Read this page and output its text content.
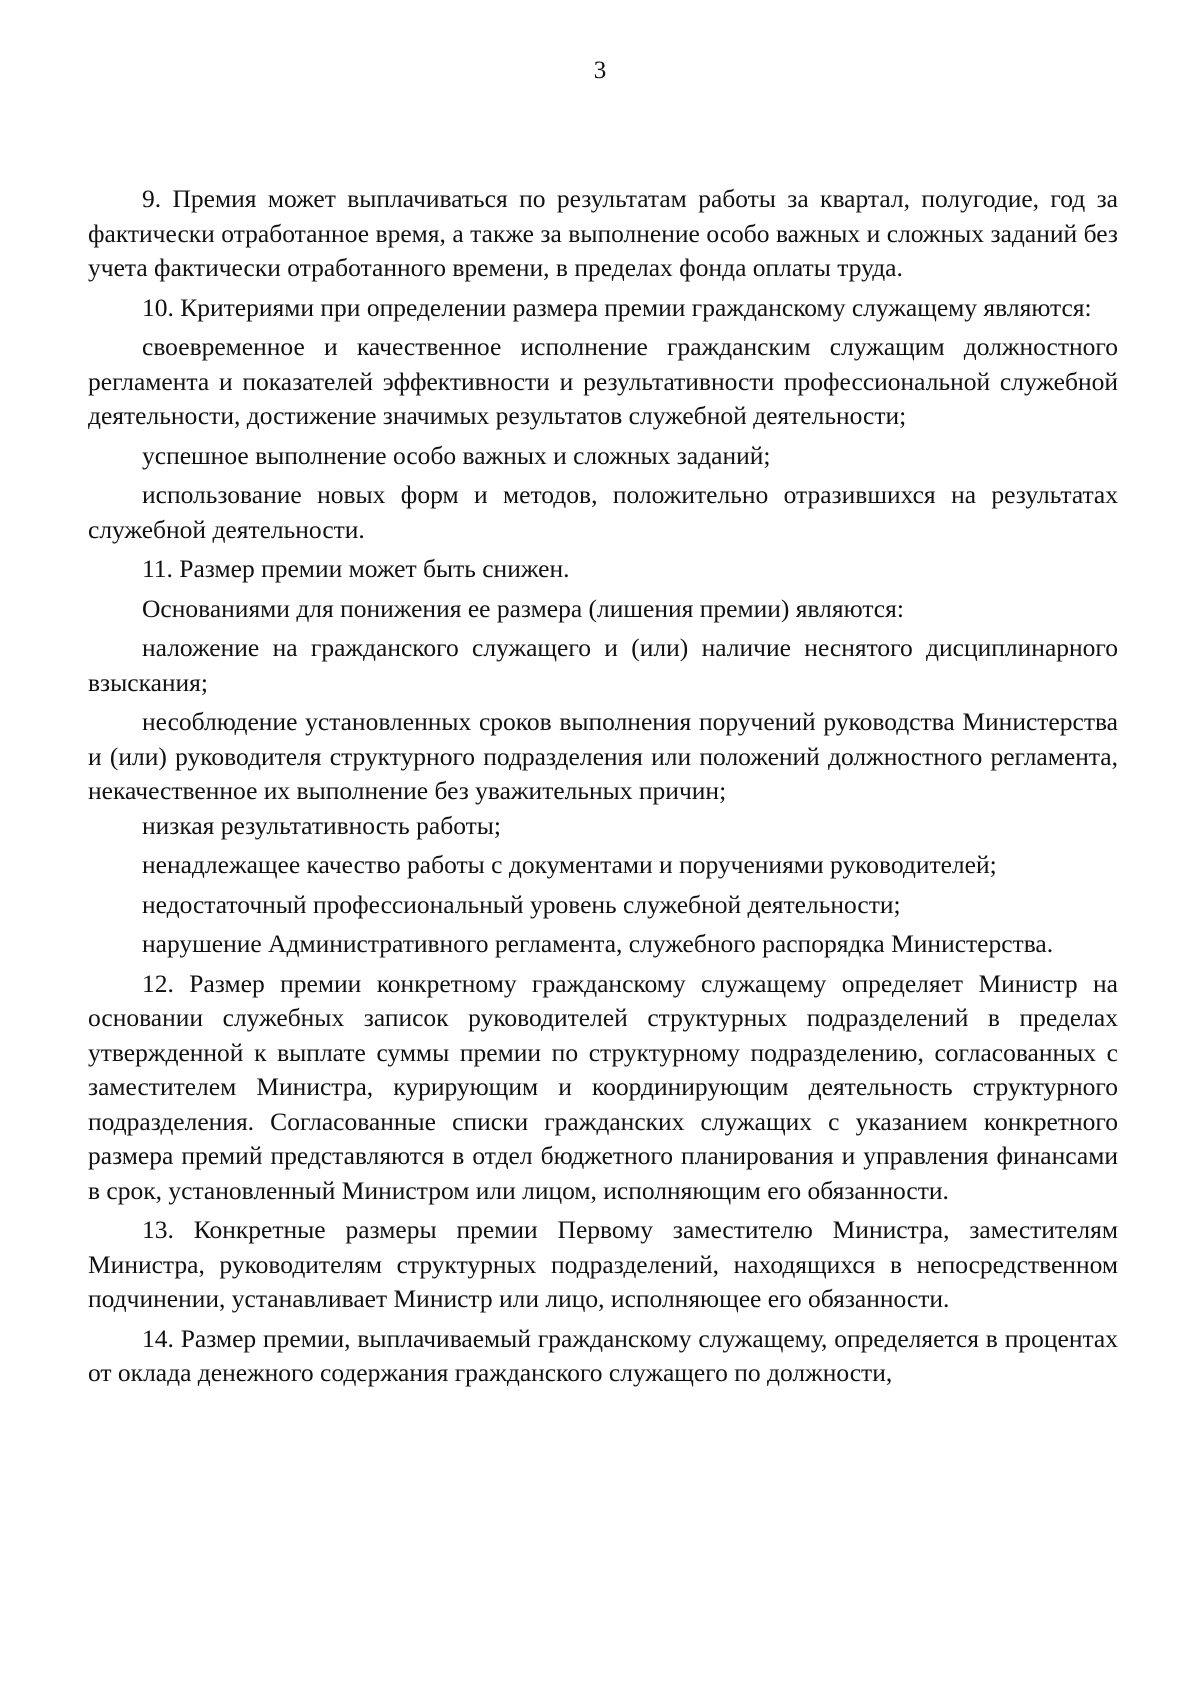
3

9. Премия может выплачиваться по результатам работы за квартал, полугодие, год за фактически отработанное время, а также за выполнение особо важных и сложных заданий без учета фактически отработанного времени, в пределах фонда оплаты труда.

10. Критериями при определении размера премии гражданскому служащему являются:

своевременное и качественное исполнение гражданским служащим должностного регламента и показателей эффективности и результативности профессиональной служебной деятельности, достижение значимых результатов служебной деятельности;

успешное выполнение особо важных и сложных заданий;

использование новых форм и методов, положительно отразившихся на результатах служебной деятельности.

11. Размер премии может быть снижен.

Основаниями для понижения ее размера (лишения премии) являются:

наложение на гражданского служащего и (или) наличие неснятого дисциплинарного взыскания;

несоблюдение установленных сроков выполнения поручений руководства Министерства и (или) руководителя структурного подразделения или положений должностного регламента, некачественное их выполнение без уважительных причин;

низкая результативность работы;

ненадлежащее качество работы с документами и поручениями руководителей;

недостаточный профессиональный уровень служебной деятельности;

нарушение Административного регламента, служебного распорядка Министерства.

12. Размер премии конкретному гражданскому служащему определяет Министр на основании служебных записок руководителей структурных подразделений в пределах утвержденной к выплате суммы премии по структурному подразделению, согласованных с заместителем Министра, курирующим и координирующим деятельность структурного подразделения. Согласованные списки гражданских служащих с указанием конкретного размера премий представляются в отдел бюджетного планирования и управления финансами в срок, установленный Министром или лицом, исполняющим его обязанности.

13. Конкретные размеры премии Первому заместителю Министра, заместителям Министра, руководителям структурных подразделений, находящихся в непосредственном подчинении, устанавливает Министр или лицо, исполняющее его обязанности.

14. Размер премии, выплачиваемый гражданскому служащему, определяется в процентах от оклада денежного содержания гражданского служащего по должности,
